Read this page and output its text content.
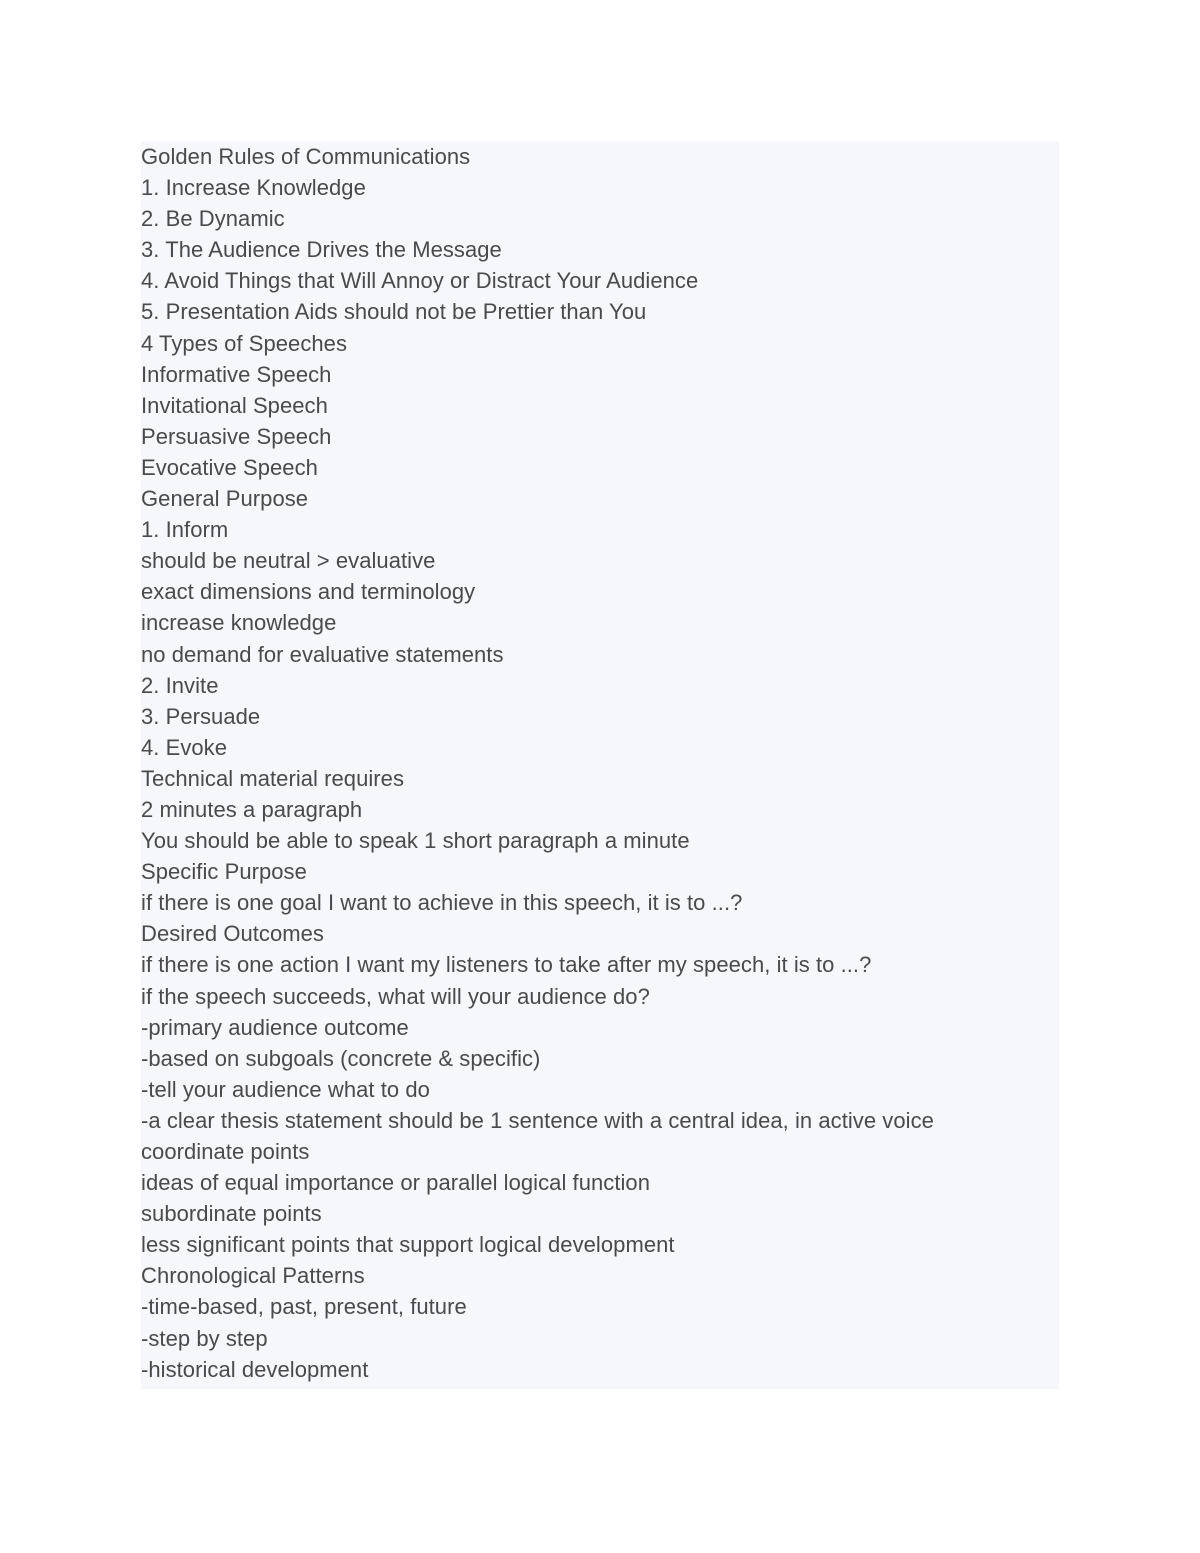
Golden Rules of Communications
1. Increase Knowledge
2. Be Dynamic
3. The Audience Drives the Message
4. Avoid Things that Will Annoy or Distract Your Audience
5. Presentation Aids should not be Prettier than You
4 Types of Speeches
Informative Speech
Invitational Speech
Persuasive Speech
Evocative Speech
General Purpose
1. Inform
should be neutral > evaluative
exact dimensions and terminology
increase knowledge
no demand for evaluative statements
2. Invite
3. Persuade
4. Evoke
Technical material requires
2 minutes a paragraph
You should be able to speak 1 short paragraph a minute
Specific Purpose
if there is one goal I want to achieve in this speech, it is to ...?
Desired Outcomes
if there is one action I want my listeners to take after my speech, it is to ...?
if the speech succeeds, what will your audience do?
-primary audience outcome
-based on subgoals (concrete & specific)
-tell your audience what to do
-a clear thesis statement should be 1 sentence with a central idea, in active voice
coordinate points
ideas of equal importance or parallel logical function
subordinate points
less significant points that support logical development
Chronological Patterns
-time-based, past, present, future
-step by step
-historical development
